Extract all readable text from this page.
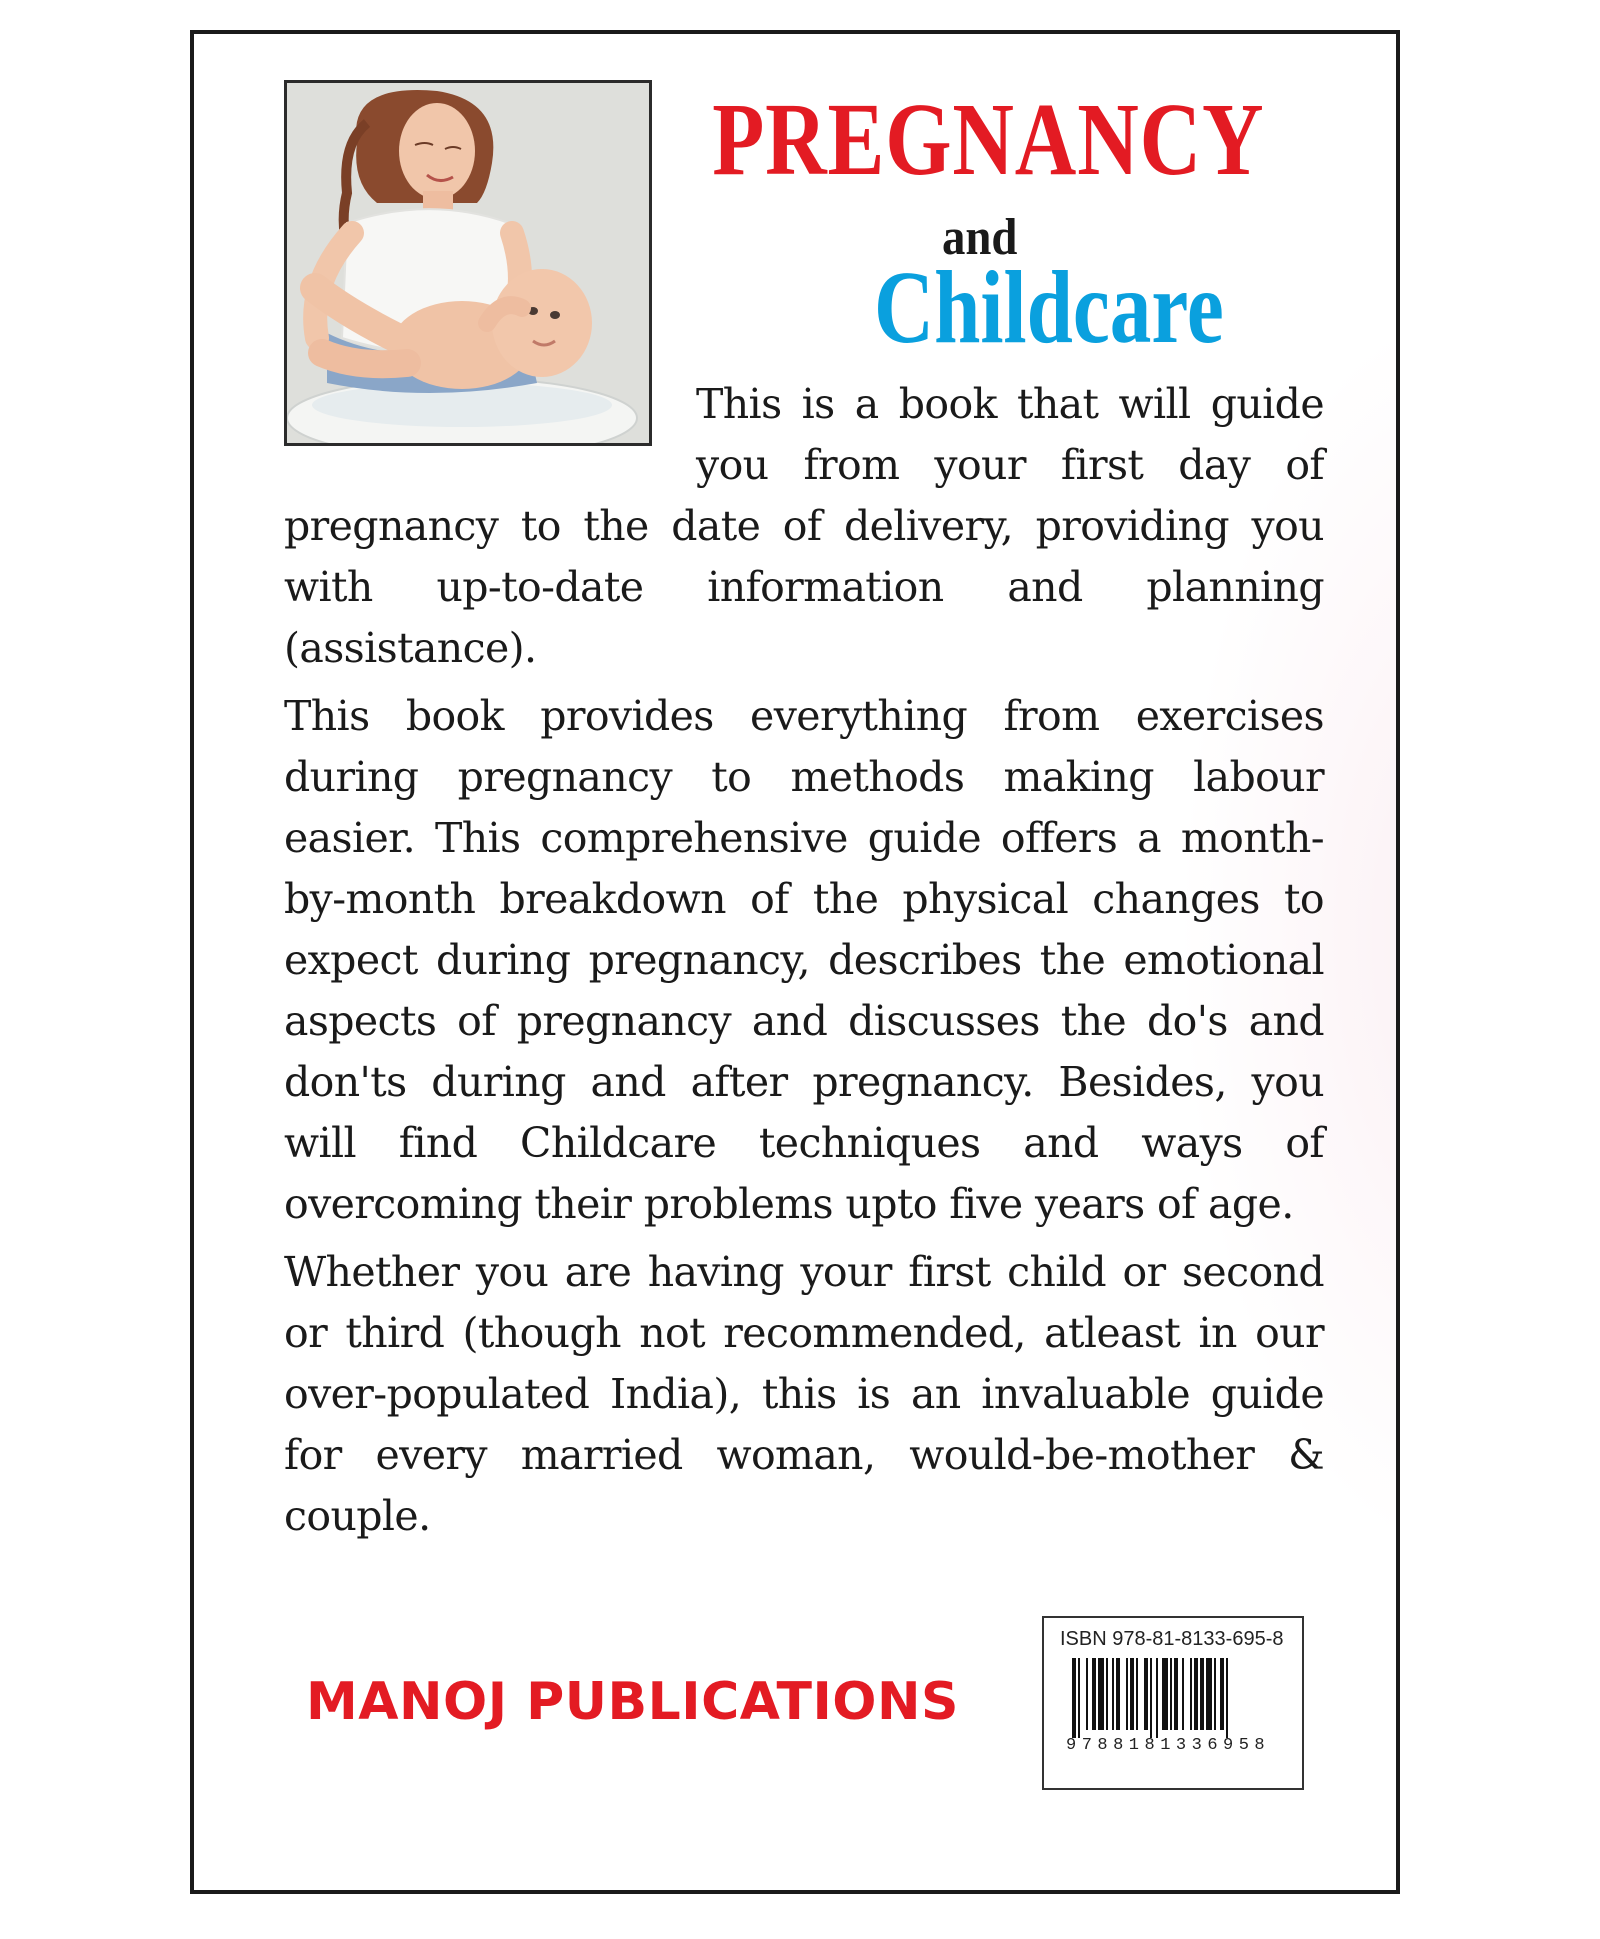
PREGNANCY
and
Childcare

This is a book that will guide you from your first day of pregnancy to the date of delivery, providing you with up-to-date information and planning (assistance).

This book provides everything from exercises during pregnancy to methods making labour easier. This comprehensive guide offers a month-by-month breakdown of the physical changes to expect during pregnancy, describes the emotional aspects of pregnancy and discusses the do's and don'ts during and after pregnancy. Besides, you will find Childcare techniques and ways of overcoming their problems upto five years of age.

Whether you are having your first child or second or third (though not recommended, atleast in our over-populated India), this is an invaluable guide for every married woman, would-be-mother & couple.

MANOJ PUBLICATIONS
ISBN 978-81-8133-695-8
9788181336958
